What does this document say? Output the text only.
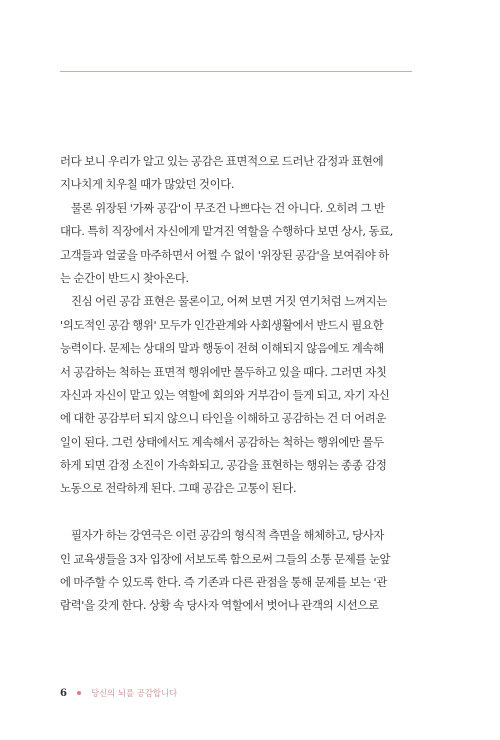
러다 보니 우리가 알고 있는 공감은 표면적으로 드러난 감정과 표현에
지나치게 치우칠 때가 많았던 것이다.
물론 위장된 '가짜 공감'이 무조건 나쁘다는 건 아니다. 오히려 그 반
대다. 특히 직장에서 자신에게 맡겨진 역할을 수행하다 보면 상사, 동료,
고객들과 얼굴을 마주하면서 어쩔 수 없이 '위장된 공감'을 보여줘야 하
는 순간이 반드시 찾아온다.
진심 어린 공감 표현은 물론이고, 어쩌 보면 거짓 연기처럼 느껴지는
'의도적인 공감 행위' 모두가 인간관계와 사회생활에서 반드시 필요한
능력이다. 문제는 상대의 말과 행동이 전혀 이해되지 않음에도 계속해
서 공감하는 척하는 표면적 행위에만 몰두하고 있을 때다. 그러면 자칫
자신과 자신이 맡고 있는 역할에 회의와 거부감이 들게 되고, 자기 자신
에 대한 공감부터 되지 않으니 타인을 이해하고 공감하는 건 더 어려운
일이 된다. 그런 상태에서도 계속해서 공감하는 척하는 행위에만 몰두
하게 되면 감정 소진이 가속화되고, 공감을 표현하는 행위는 종종 감정
노동으로 전락하게 된다. 그때 공감은 고통이 된다.
필자가 하는 강연극은 이런 공감의 형식적 측면을 해체하고, 당사자
인 교육생들을 3자 입장에 서보도록 함으로써 그들의 소통 문제를 눈앞
에 마주할 수 있도록 한다. 즉 기존과 다른 관점을 통해 문제를 보는 '관
람력'을 갖게 한다. 상황 속 당사자 역할에서 벗어나 관객의 시선으로
6	당신의 뇌를 공감합니다
